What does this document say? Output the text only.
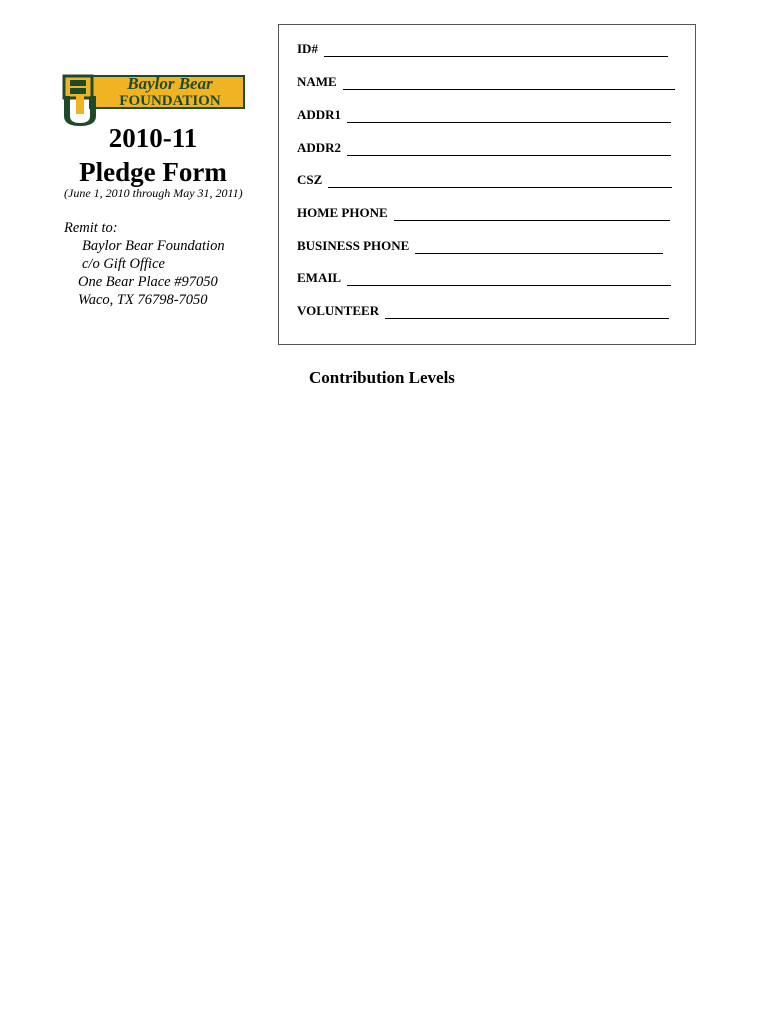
Baylor Bear
FOUNDATION
2010-11
Pledge Form
(June 1, 2010 through May 31, 2011)
Remit to:
Baylor Bear Foundation
c/o Gift Office
One Bear Place #97050
Waco, TX 76798-7050
ID#
NAME
ADDR1
ADDR2
CSZ
HOME PHONE
BUSINESS PHONE
EMAIL
VOLUNTEER
Contribution Levels
